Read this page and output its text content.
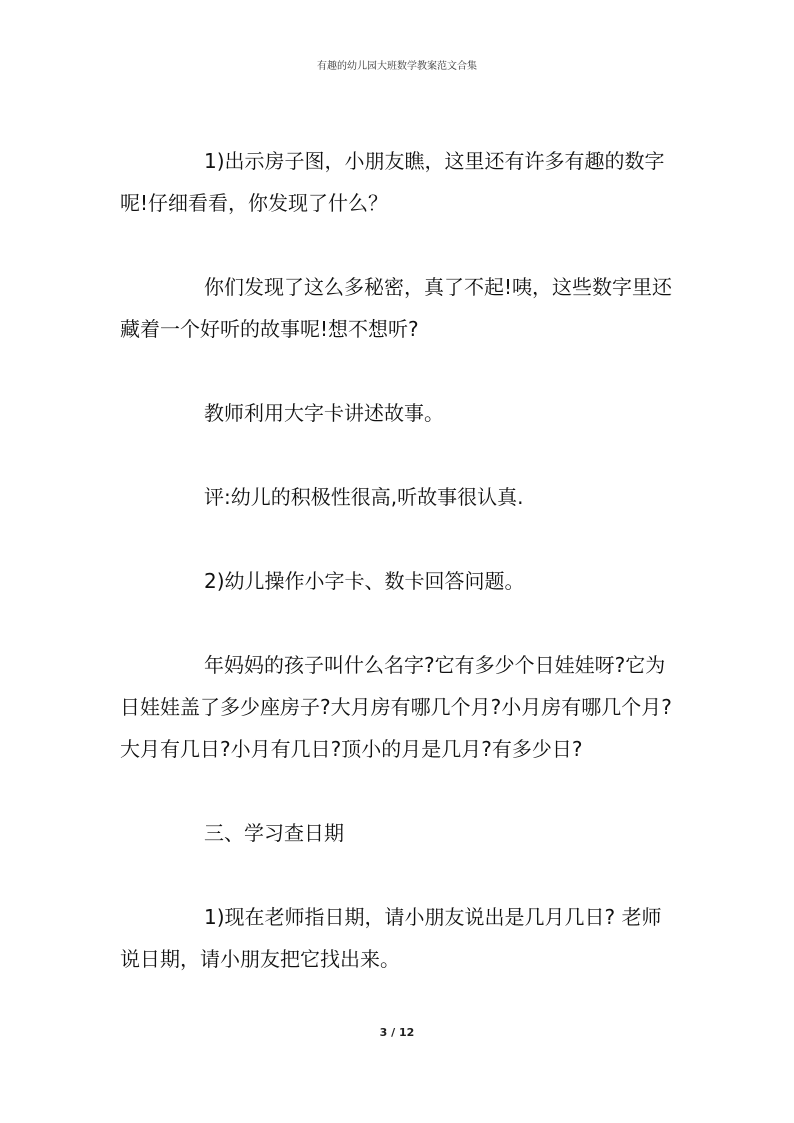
有趣的幼儿园大班数学教案范文合集

1)出示房子图，小朋友瞧，这里还有许多有趣的数字呢!仔细看看，你发现了什么？

你们发现了这么多秘密，真了不起!咦，这些数字里还藏着一个好听的故事呢!想不想听?

教师利用大字卡讲述故事。

评:幼儿的积极性很高,听故事很认真.

2)幼儿操作小字卡、数卡回答问题。

年妈妈的孩子叫什么名字?它有多少个日娃娃呀?它为日娃娃盖了多少座房子?大月房有哪几个月?小月房有哪几个月?大月有几日?小月有几日?顶小的月是几月?有多少日?

三、学习查日期

1)现在老师指日期，请小朋友说出是几月几日? 老师说日期，请小朋友把它找出来。

3 / 12
